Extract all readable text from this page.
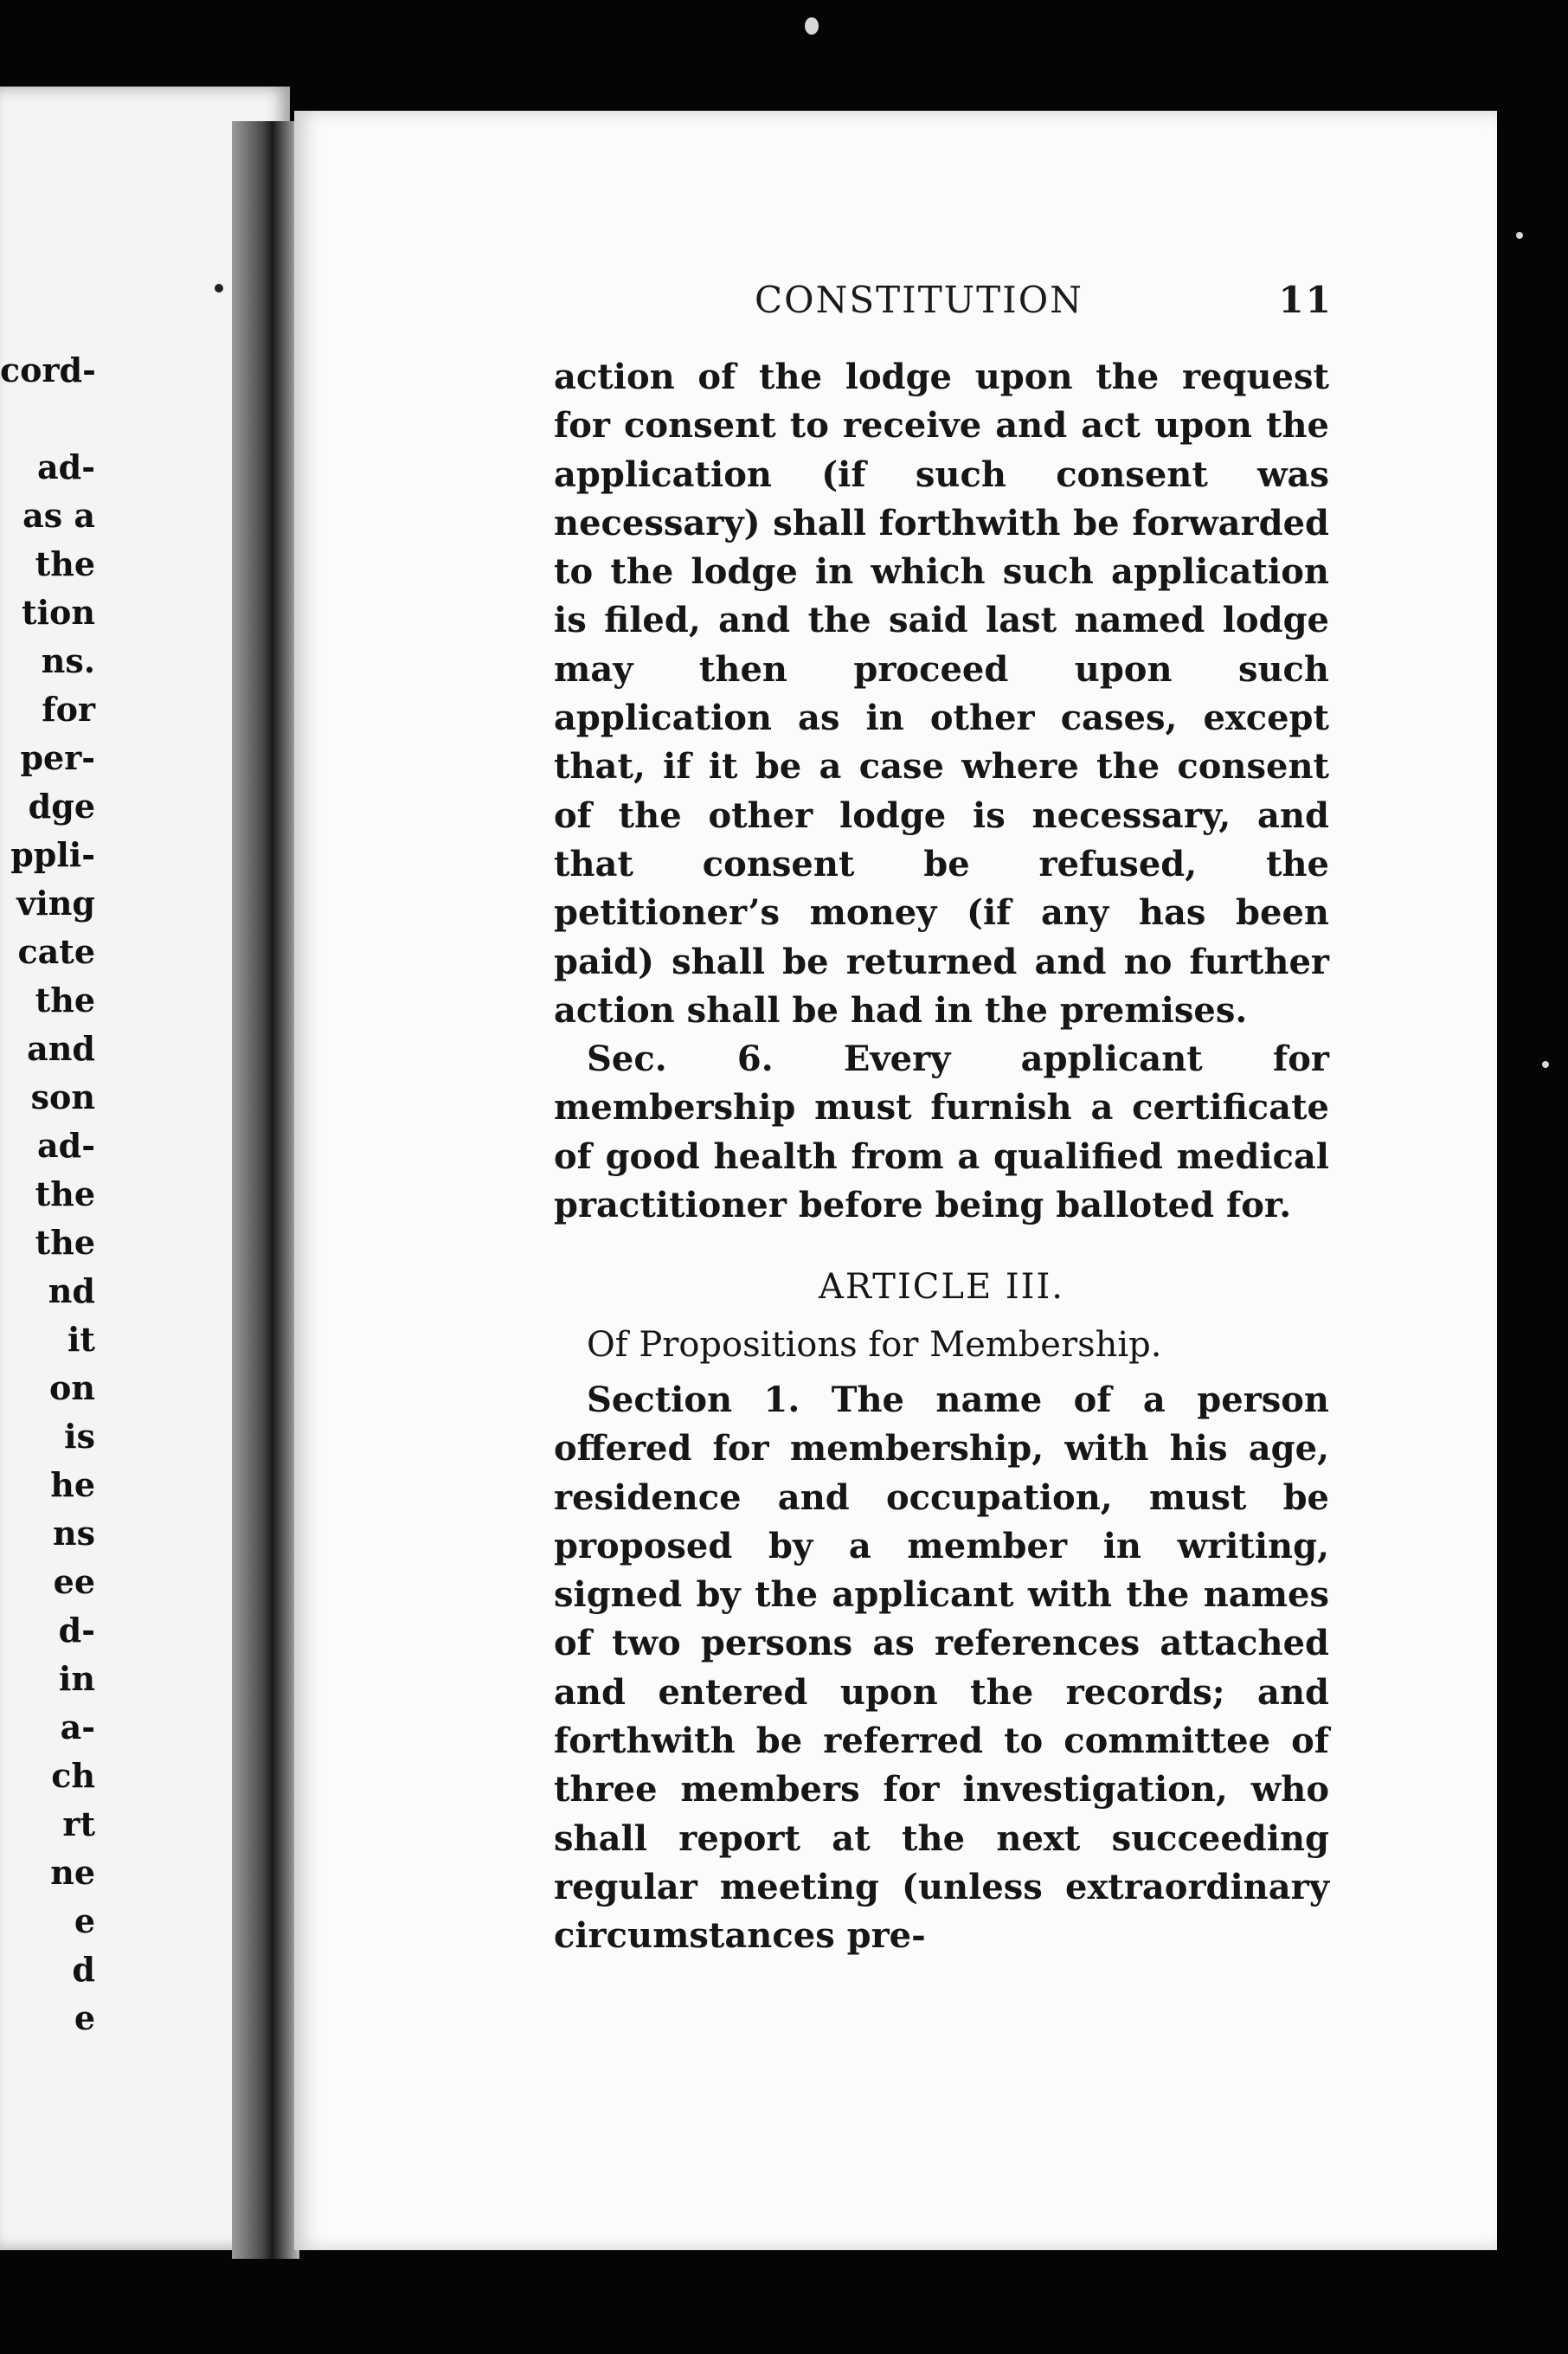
cord-

ad-
as a
the
tion
ns.
for
per-
dge
ppli-
ving
cate
the
and
son
ad-
the
the
nd
it
on
is
he
ns
ee
d-
in
a-
ch
rt
ne
e
d
e
CONSTITUTION	11

action of the lodge upon the request for consent to receive and act upon the application (if such consent was necessary) shall forthwith be forwarded to the lodge in which such application is filed, and the said last named lodge may then proceed upon such application as in other cases, except that, if it be a case where the consent of the other lodge is necessary, and that consent be refused, the petitioner’s money (if any has been paid) shall be returned and no further action shall be had in the premises.

Sec. 6. Every applicant for membership must furnish a certificate of good health from a qualified medical practitioner before being balloted for.

ARTICLE III.

Of Propositions for Membership.

Section 1. The name of a person offered for membership, with his age, residence and occupation, must be proposed by a member in writing, signed by the applicant with the names of two persons as references attached and entered upon the records; and forthwith be referred to committee of three members for investigation, who shall report at the next succeeding regular meeting (unless extraordinary circumstances pre-
